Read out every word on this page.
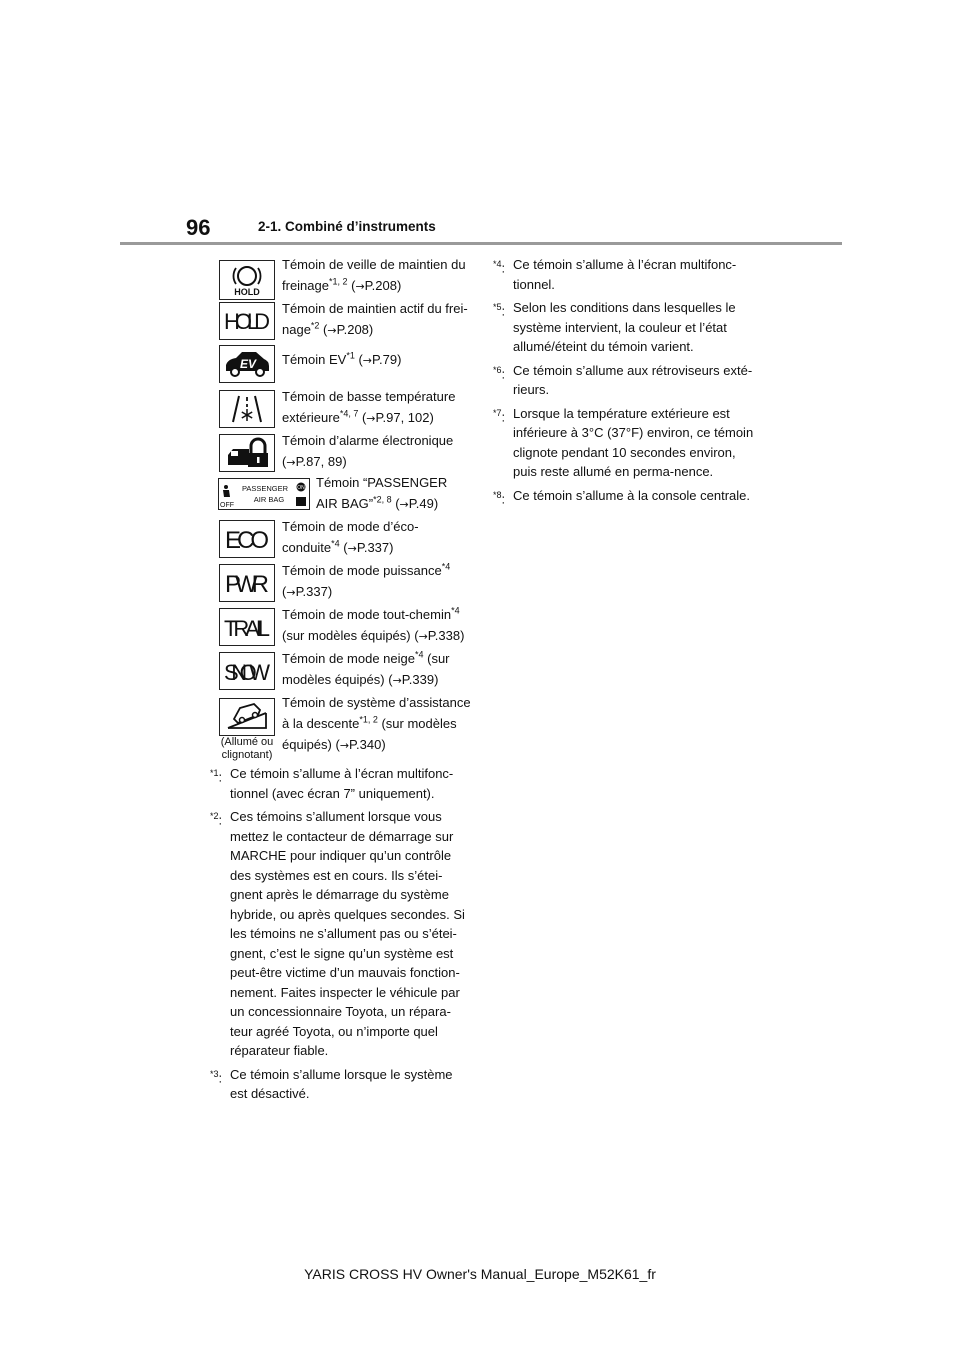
96	2-1. Combiné d’instruments
HOLD
Témoin de veille de maintien du
freinage$^{*1, 2}$ (→P.208)
HOLD
Témoin de maintien actif du frei-
nage$^{*2}$ (→P.208)
EV	Témoin EV$^{*1}$ (→P.79)
Témoin de basse température
extérieure$^{*4, 7}$ (→P.97, 102)
Témoin d’alarme électronique
(→P.87, 89)
OFF
PASSENGER
AIR BAG
ON Témoin “PASSENGER
AIR BAG”$^{*2, 8}$ (→P.49)
ECO
Témoin de mode d’éco-
conduite$^{*4}$ (→P.337)
PWR
Témoin de mode puissance$^{*4}$
(→P.337)
TRAIL
Témoin de mode tout-chemin$^{*4}$
(sur modèles équipés) (→P.338)
SNOW
Témoin de mode neige$^{*4}$ (sur
modèles équipés) (→P.339)
(Allumé ou clignotant)
Témoin de système d’assistance
à la descente$^{*1, 2}$ (sur modèles
équipés) (→P.340)
$^{*1}$: Ce témoin s’allume à l’écran multifonc-tionnel (avec écran 7” uniquement).
$^{*2}$: Ces témoins s’allument lorsque vous mettez le contacteur de démarrage sur MARCHE pour indiquer qu’un contrôle des systèmes est en cours. Ils s’étei-gnent après le démarrage du système hybride, ou après quelques secondes. Si les témoins ne s’allument pas ou s’étei-gnent, c’est le signe qu’un système est peut-être victime d’un mauvais fonction-nement. Faites inspecter le véhicule par un concessionnaire Toyota, un répara-teur agréé Toyota, ou n’importe quel réparateur fiable.
$^{*3}$: Ce témoin s’allume lorsque le système est désactivé.
$^{*4}$: Ce témoin s’allume à l’écran multifonc-tionnel.
$^{*5}$: Selon les conditions dans lesquelles le système intervient, la couleur et l’état allumé/éteint du témoin varient.
$^{*6}$: Ce témoin s’allume aux rétroviseurs exté-rieurs.
$^{*7}$: Lorsque la température extérieure est inférieure à 3°C (37°F) environ, ce témoin clignote pendant 10 secondes environ, puis reste allumé en perma-nence.
$^{*8}$: Ce témoin s’allume à la console centrale.
YARIS CROSS HV Owner's Manual_Europe_M52K61_fr
